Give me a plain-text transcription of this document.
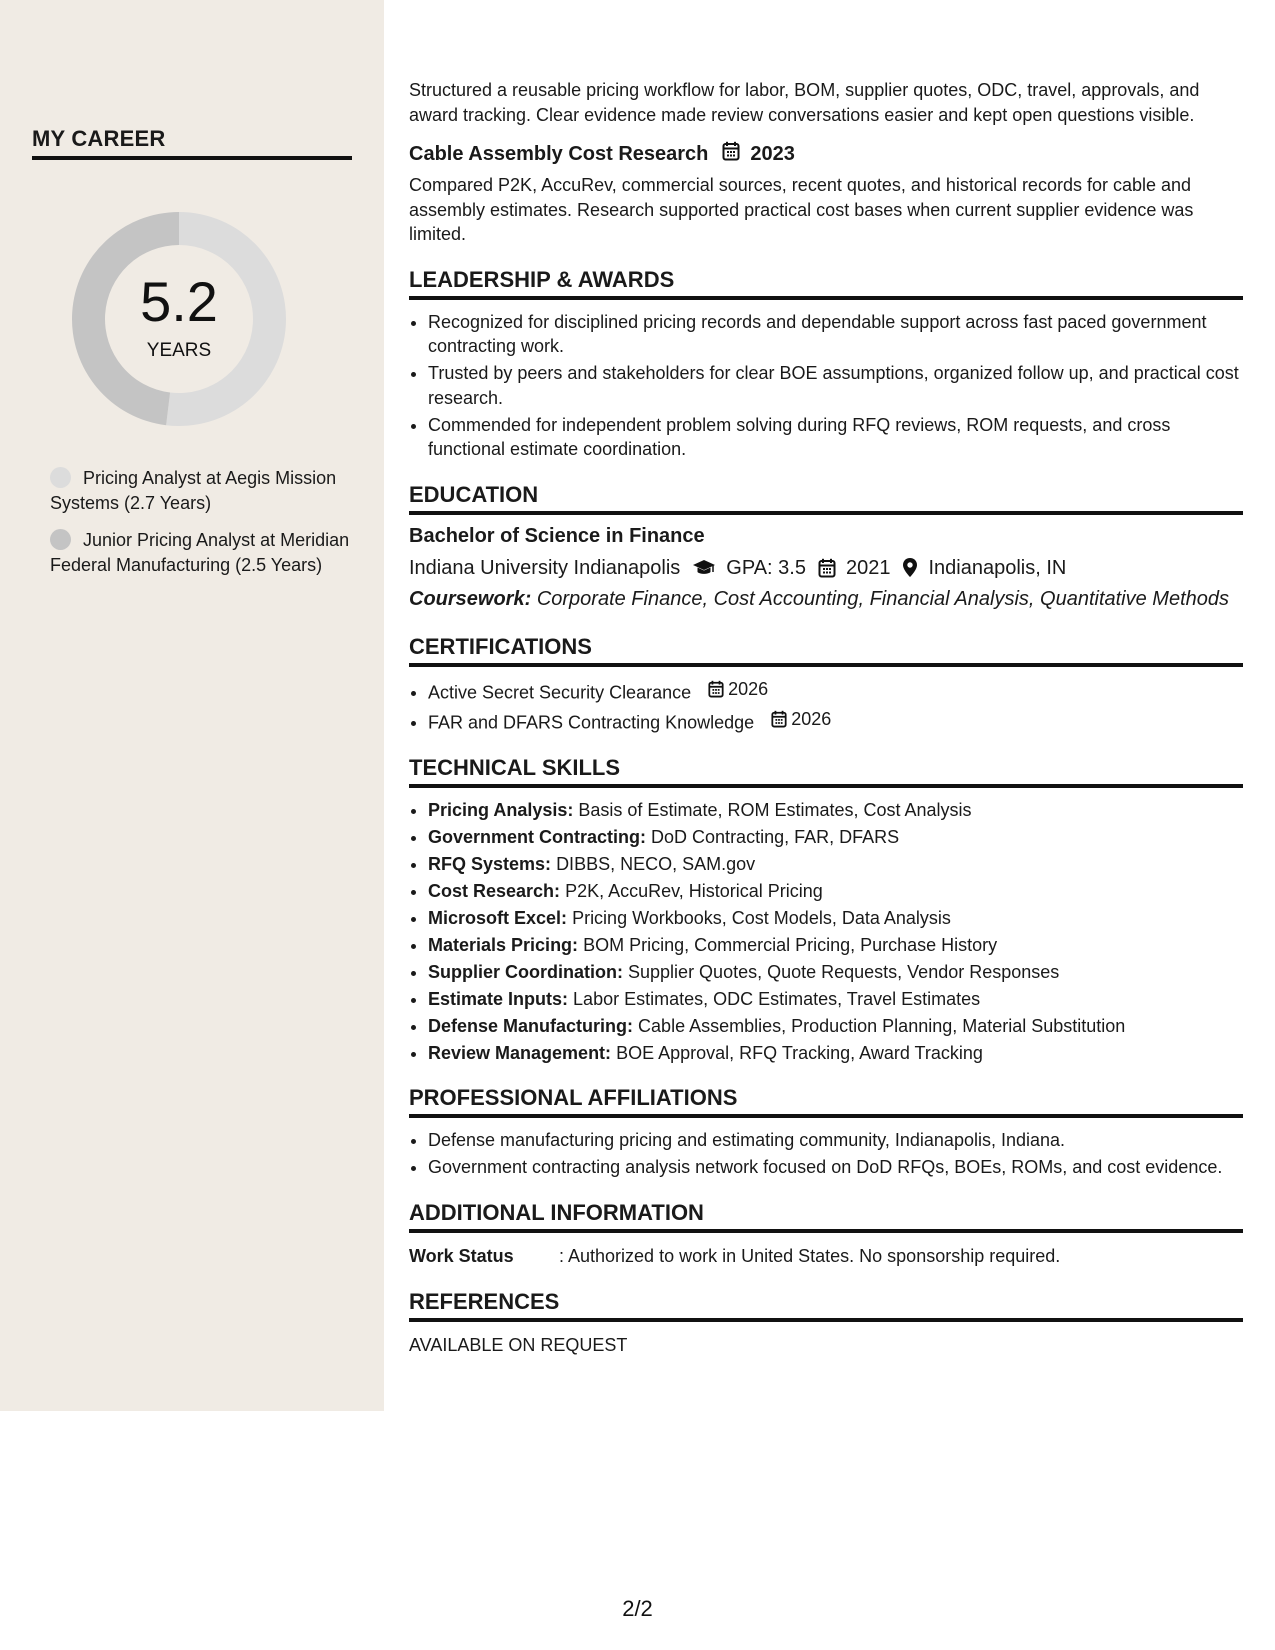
MY CAREER
5.2
YEARS
Pricing Analyst at Aegis Mission Systems (2.7 Years)
Junior Pricing Analyst at Meridian Federal Manufacturing (2.5 Years)

Structured a reusable pricing workflow for labor, BOM, supplier quotes, ODC, travel, approvals, and award tracking. Clear evidence made review conversations easier and kept open questions visible.

Cable Assembly Cost Research 2023

Compared P2K, AccuRev, commercial sources, recent quotes, and historical records for cable and assembly estimates. Research supported practical cost bases when current supplier evidence was limited.

LEADERSHIP & AWARDS
• Recognized for disciplined pricing records and dependable support across fast paced government contracting work.
• Trusted by peers and stakeholders for clear BOE assumptions, organized follow up, and practical cost research.
• Commended for independent problem solving during RFQ reviews, ROM requests, and cross functional estimate coordination.
EDUCATION
Bachelor of Science in Finance
Indiana University Indianapolis GPA: 3.5 2021 Indianapolis, IN
Coursework: Corporate Finance, Cost Accounting, Financial Analysis, Quantitative Methods
CERTIFICATIONS
• Active Secret Security Clearance 2026
• FAR and DFARS Contracting Knowledge 2026
TECHNICAL SKILLS
• Pricing Analysis: Basis of Estimate, ROM Estimates, Cost Analysis
• Government Contracting: DoD Contracting, FAR, DFARS
• RFQ Systems: DIBBS, NECO, SAM.gov
• Cost Research: P2K, AccuRev, Historical Pricing
• Microsoft Excel: Pricing Workbooks, Cost Models, Data Analysis
• Materials Pricing: BOM Pricing, Commercial Pricing, Purchase History
• Supplier Coordination: Supplier Quotes, Quote Requests, Vendor Responses
• Estimate Inputs: Labor Estimates, ODC Estimates, Travel Estimates
• Defense Manufacturing: Cable Assemblies, Production Planning, Material Substitution
• Review Management: BOE Approval, RFQ Tracking, Award Tracking
PROFESSIONAL AFFILIATIONS
• Defense manufacturing pricing and estimating community, Indianapolis, Indiana.
• Government contracting analysis network focused on DoD RFQs, BOEs, ROMs, and cost evidence.
ADDITIONAL INFORMATION
Work Status	: Authorized to work in United States. No sponsorship required.
REFERENCES
AVAILABLE ON REQUEST
2/2
